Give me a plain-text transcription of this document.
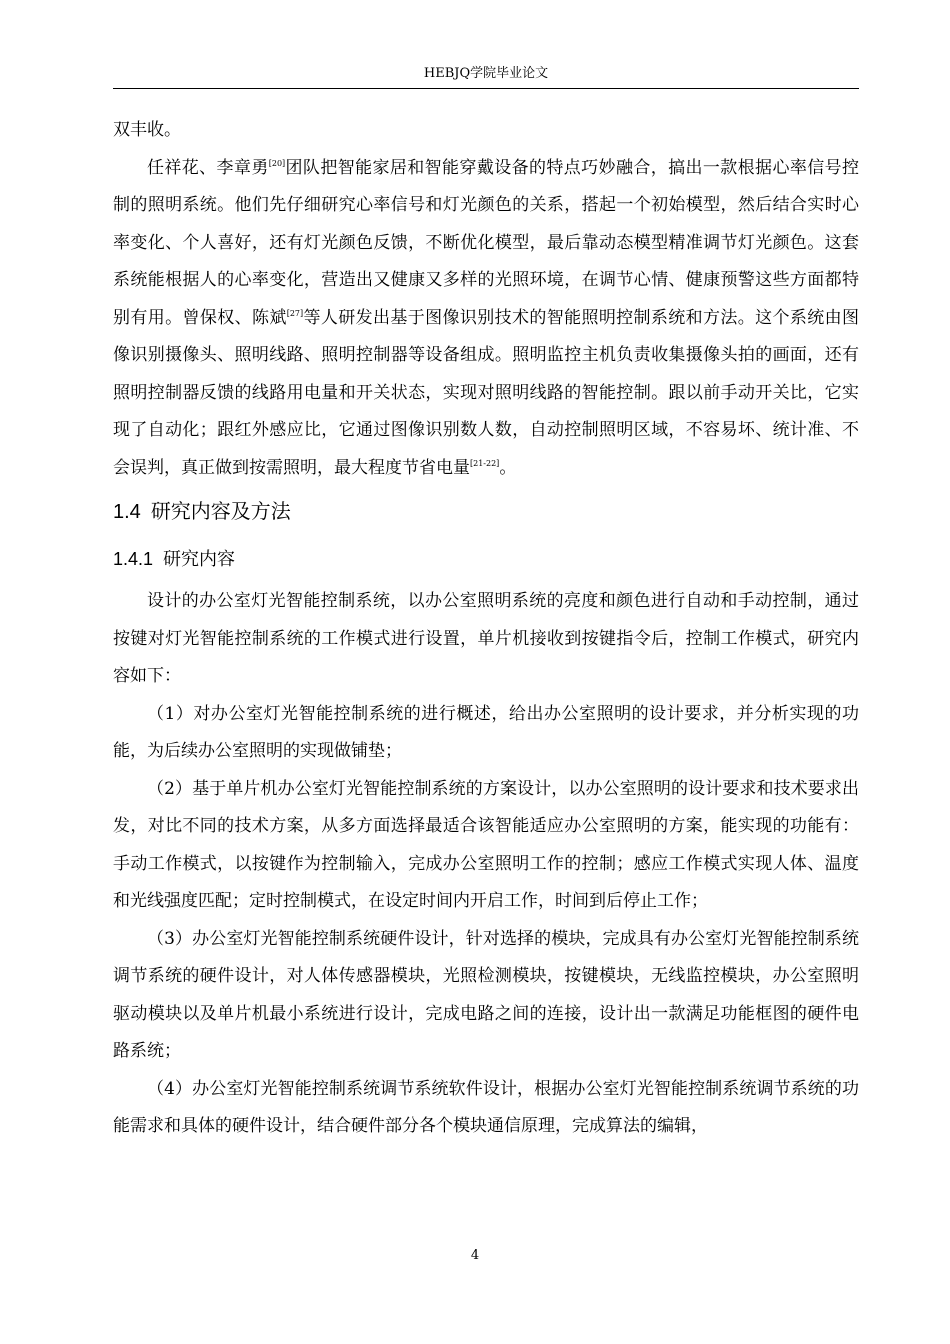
HEBJQ学院毕业论文

双丰收。

任祥花、李章勇[20]团队把智能家居和智能穿戴设备的特点巧妙融合，搞出一款根据心率信号控制的照明系统。他们先仔细研究心率信号和灯光颜色的关系，搭起一个初始模型，然后结合实时心率变化、个人喜好，还有灯光颜色反馈，不断优化模型，最后靠动态模型精准调节灯光颜色。这套系统能根据人的心率变化，营造出又健康又多样的光照环境，在调节心情、健康预警这些方面都特别有用。曾保权、陈斌[27]等人研发出基于图像识别技术的智能照明控制系统和方法。这个系统由图像识别摄像头、照明线路、照明控制器等设备组成。照明监控主机负责收集摄像头拍的画面，还有照明控制器反馈的线路用电量和开关状态，实现对照明线路的智能控制。跟以前手动开关比，它实现了自动化；跟红外感应比，它通过图像识别数人数，自动控制照明区域，不容易坏、统计准、不会误判，真正做到按需照明，最大程度节省电量[21-22]。

1.4 研究内容及方法
1.4.1 研究内容

设计的办公室灯光智能控制系统，以办公室照明系统的亮度和颜色进行自动和手动控制，通过按键对灯光智能控制系统的工作模式进行设置，单片机接收到按键指令后，控制工作模式，研究内容如下：

（1）对办公室灯光智能控制系统的进行概述，给出办公室照明的设计要求，并分析实现的功能，为后续办公室照明的实现做铺垫；

（2）基于单片机办公室灯光智能控制系统的方案设计，以办公室照明的设计要求和技术要求出发，对比不同的技术方案，从多方面选择最适合该智能适应办公室照明的方案，能实现的功能有：手动工作模式，以按键作为控制输入，完成办公室照明工作的控制；感应工作模式实现人体、温度和光线强度匹配；定时控制模式，在设定时间内开启工作，时间到后停止工作；

（3）办公室灯光智能控制系统硬件设计，针对选择的模块，完成具有办公室灯光智能控制系统调节系统的硬件设计，对人体传感器模块，光照检测模块，按键模块，无线监控模块，办公室照明驱动模块以及单片机最小系统进行设计，完成电路之间的连接，设计出一款满足功能框图的硬件电路系统；

（4）办公室灯光智能控制系统调节系统软件设计，根据办公室灯光智能控制系统调节系统的功能需求和具体的硬件设计，结合硬件部分各个模块通信原理，完成算法的编辑，

4
